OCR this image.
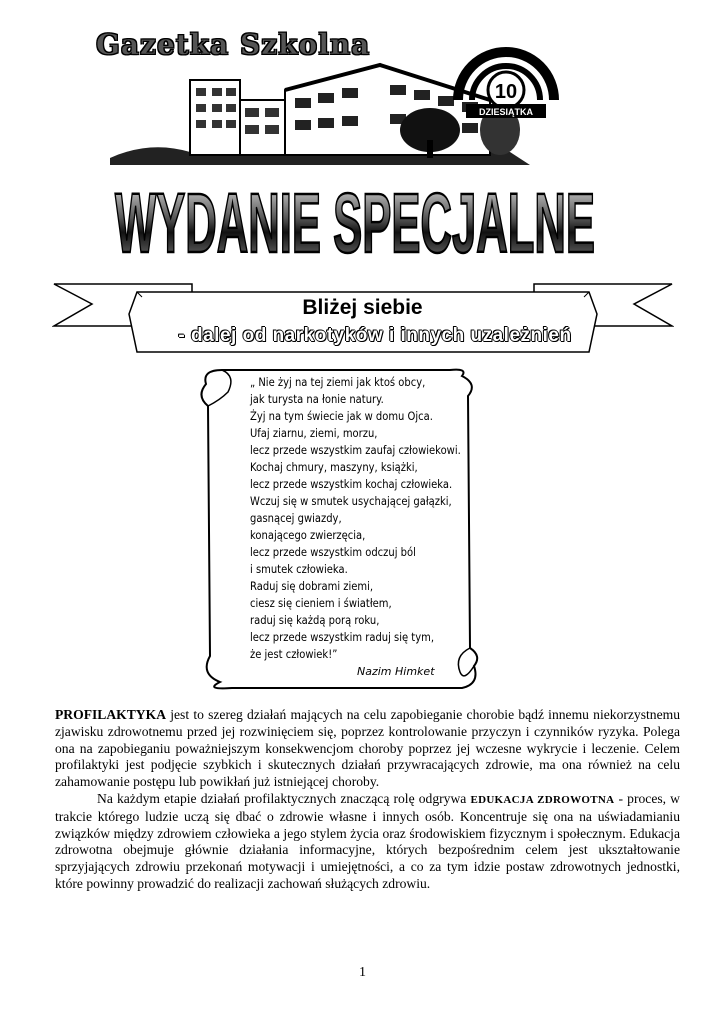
Gazetka Szkolna
10
DZIESIĄTKA
WYDANIE SPECJALNE
Bliżej siebie
- dalej od narkotyków i innych uzależnień
„ Nie żyj na tej ziemi jak ktoś obcy,
jak turysta na łonie natury.
Żyj na tym świecie jak w domu Ojca.
Ufaj ziarnu, ziemi, morzu,
lecz przede wszystkim zaufaj człowiekowi.
Kochaj chmury, maszyny, książki,
lecz przede wszystkim kochaj człowieka.
Wczuj się w smutek usychającej gałązki,
gasnącej gwiazdy,
konającego zwierzęcia,
lecz przede wszystkim odczuj ból
i smutek człowieka.
Raduj się dobrami ziemi,
ciesz się cieniem i światłem,
raduj się każdą porą roku,
lecz przede wszystkim raduj się tym,
że jest człowiek!”
Nazim Himket

PROFILAKTYKA jest to szereg działań mających na celu zapobieganie chorobie bądź innemu niekorzystnemu zjawisku zdrowotnemu przed jej rozwinięciem się, poprzez kontrolowanie przyczyn i czynników ryzyka. Polega ona na zapobieganiu poważniejszym konsekwencjom choroby poprzez jej wczesne wykrycie i leczenie. Celem profilaktyki jest podjęcie szybkich i skutecznych działań przywracających zdrowie, ma ona również na celu zahamowanie postępu lub powikłań już istniejącej choroby.

Na każdym etapie działań profilaktycznych znaczącą rolę odgrywa EDUKACJA ZDROWOTNA - proces, w trakcie którego ludzie uczą się dbać o zdrowie własne i innych osób. Koncentruje się ona na uświadamianiu związków między zdrowiem człowieka a jego stylem życia oraz środowiskiem fizycznym i społecznym. Edukacja zdrowotna obejmuje głównie działania informacyjne, których bezpośrednim celem jest ukształtowanie sprzyjających zdrowiu przekonań motywacji i umiejętności, a co za tym idzie postaw zdrowotnych jednostki, które powinny prowadzić do realizacji zachowań służących zdrowiu.

1
